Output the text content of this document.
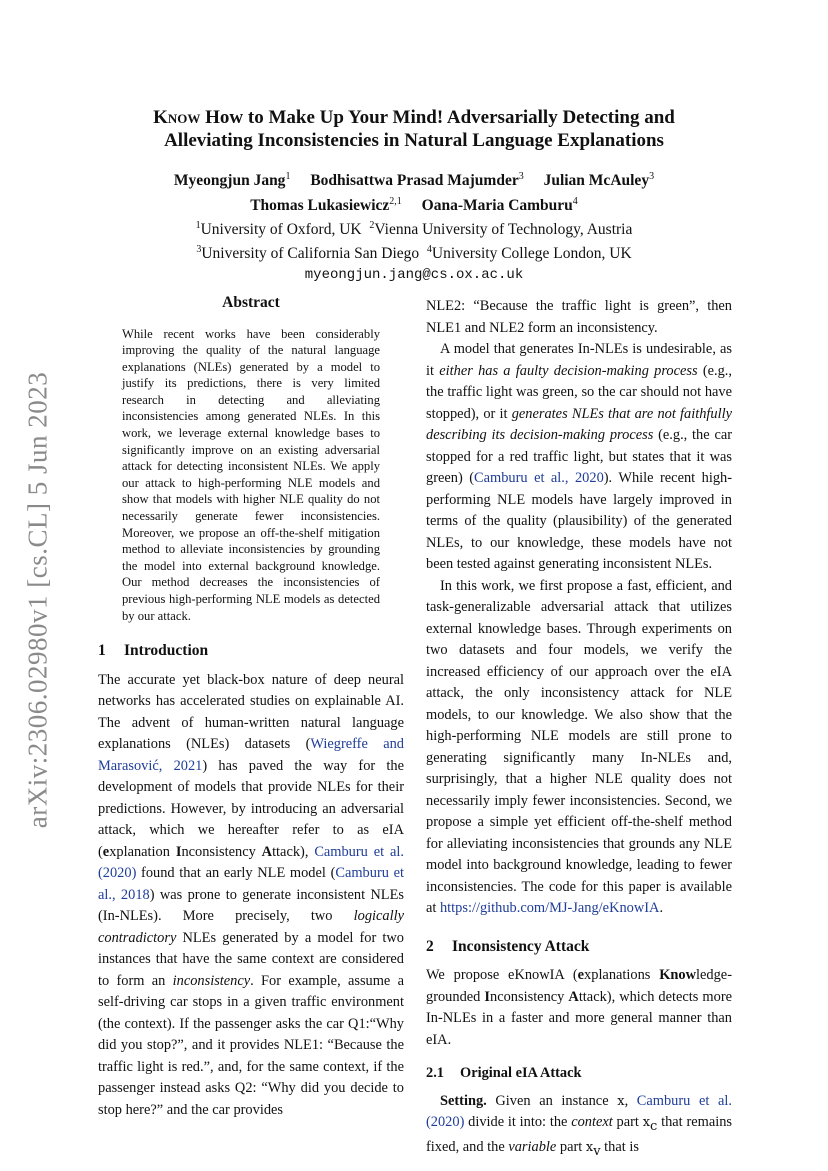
arXiv:2306.02980v1 [cs.CL] 5 Jun 2023
Know How to Make Up Your Mind! Adversarially Detecting and
Alleviating Inconsistencies in Natural Language Explanations
Myeongjun Jang$^1$ Bodhisattwa Prasad Majumder$^3$ Julian McAuley$^3$
Thomas Lukasiewicz$^{2,1}$ Oana-Maria Camburu$^4$
$^1$University of Oxford, UK $^2$Vienna University of Technology, Austria
$^3$University of California San Diego $^4$University College London, UK
myeongjun.jang@cs.ox.ac.uk
Abstract

While recent works have been considerably improving the quality of the natural language explanations (NLEs) generated by a model to justify its predictions, there is very limited research in detecting and alleviating inconsistencies among generated NLEs. In this work, we leverage external knowledge bases to significantly improve on an existing adversarial attack for detecting inconsistent NLEs. We apply our attack to high-performing NLE models and show that models with higher NLE quality do not necessarily generate fewer inconsistencies. Moreover, we propose an off-the-shelf mitigation method to alleviate inconsistencies by grounding the model into external background knowledge. Our method decreases the inconsistencies of previous high-performing NLE models as detected by our attack.

1 Introduction

The accurate yet black-box nature of deep neural networks has accelerated studies on explainable AI. The advent of human-written natural language explanations (NLEs) datasets (Wiegreffe and Marasović, 2021) has paved the way for the development of models that provide NLEs for their predictions. However, by introducing an adversarial attack, which we hereafter refer to as eIA (explanation Inconsistency Attack), Camburu et al. (2020) found that an early NLE model (Camburu et al., 2018) was prone to generate inconsistent NLEs (In-NLEs). More precisely, two logically contradictory NLEs generated by a model for two instances that have the same context are considered to form an inconsistency. For example, assume a self-driving car stops in a given traffic environment (the context). If the passenger asks the car Q1:“Why did you stop?”, and it provides NLE1: “Because the traffic light is red.”, and, for the same context, if the passenger instead asks Q2: “Why did you decide to stop here?” and the car provides

NLE2: “Because the traffic light is green”, then NLE1 and NLE2 form an inconsistency.

A model that generates In-NLEs is undesirable, as it either has a faulty decision-making process (e.g., the traffic light was green, so the car should not have stopped), or it generates NLEs that are not faithfully describing its decision-making process (e.g., the car stopped for a red traffic light, but states that it was green) (Camburu et al., 2020). While recent high-performing NLE models have largely improved in terms of the quality (plausibility) of the generated NLEs, to our knowledge, these models have not been tested against generating inconsistent NLEs.

In this work, we first propose a fast, efficient, and task-generalizable adversarial attack that utilizes external knowledge bases. Through experiments on two datasets and four models, we verify the increased efficiency of our approach over the eIA attack, the only inconsistency attack for NLE models, to our knowledge. We also show that the high-performing NLE models are still prone to generating significantly many In-NLEs and, surprisingly, that a higher NLE quality does not necessarily imply fewer inconsistencies. Second, we propose a simple yet efficient off-the-shelf method for alleviating inconsistencies that grounds any NLE model into background knowledge, leading to fewer inconsistencies. The code for this paper is available at https://github.com/MJ-Jang/eKnowIA.

2 Inconsistency Attack

We propose eKnowIA (explanations Knowledge-grounded Inconsistency Attack), which detects more In-NLEs in a faster and more general manner than eIA.

2.1 Original eIA Attack

Setting. Given an instance x, Camburu et al. (2020) divide it into: the context part $x_c$ that remains fixed, and the variable part $x_v$ that is
